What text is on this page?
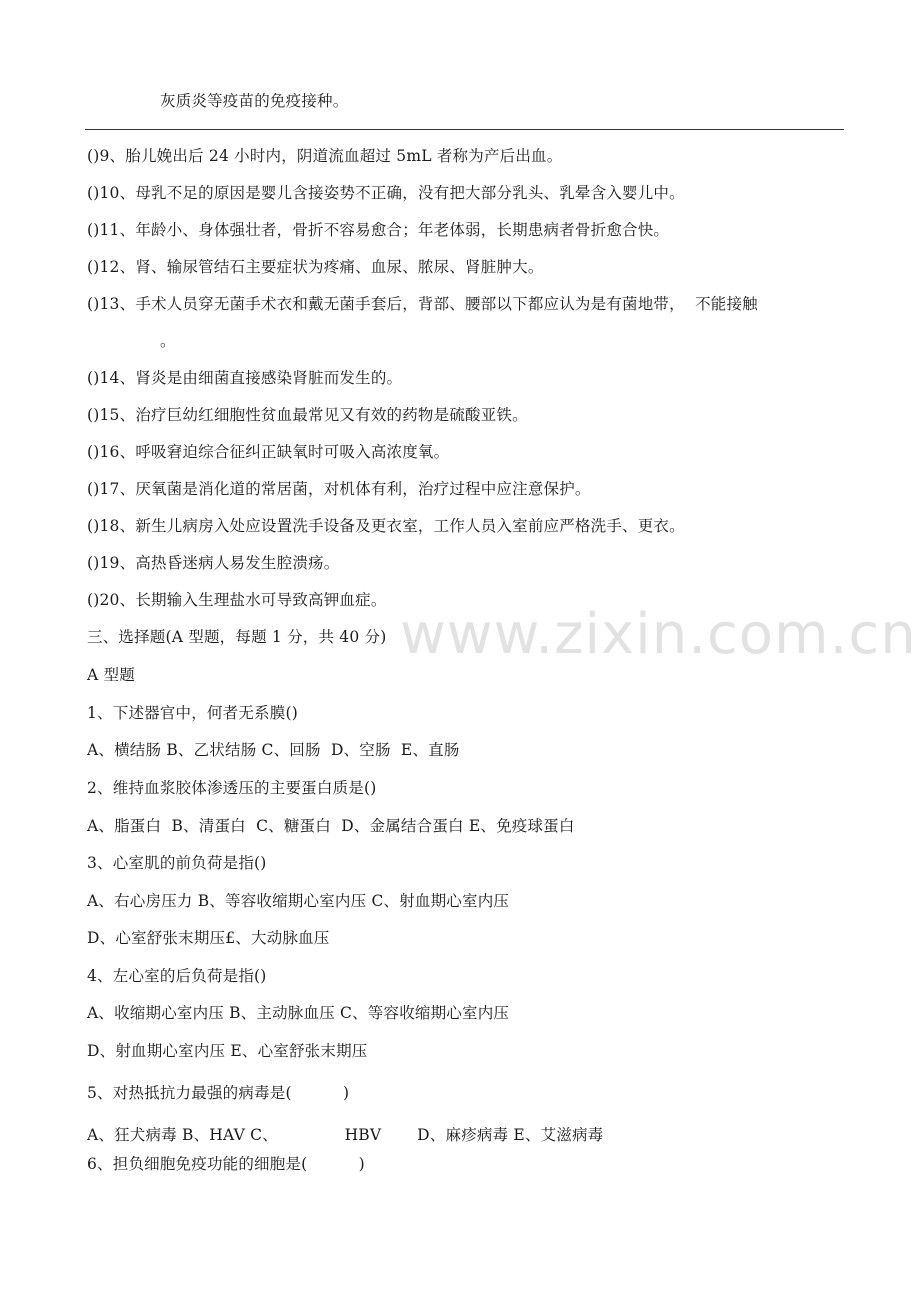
灰质炎等疫苗的免疫接种。
()9、胎儿娩出后 24 小时内，阴道流血超过 5mL 者称为产后出血。
()10、母乳不足的原因是婴儿含接姿势不正确，没有把大部分乳头、乳晕含入婴儿中。
()11、年龄小、身体强壮者，骨折不容易愈合；年老体弱，长期患病者骨折愈合快。
()12、肾、输尿管结石主要症状为疼痛、血尿、脓尿、肾脏肿大。
()13、手术人员穿无菌手术衣和戴无菌手套后，背部、腰部以下都应认为是有菌地带，  不能接触
。
()14、肾炎是由细菌直接感染肾脏而发生的。
()15、治疗巨幼红细胞性贫血最常见又有效的药物是硫酸亚铁。
()16、呼吸窘迫综合征纠正缺氧时可吸入高浓度氧。
()17、厌氧菌是消化道的常居菌，对机体有利，治疗过程中应注意保护。
()18、新生儿病房入处应设置洗手设备及更衣室，工作人员入室前应严格洗手、更衣。
()19、高热昏迷病人易发生腔溃疡。
()20、长期输入生理盐水可导致高钾血症。
三、选择题(A 型题，每题 1 分，共 40 分)
A 型题
1、下述器官中，何者无系膜()
A、横结肠 B、乙状结肠 C、回肠  D、空肠  E、直肠
2、维持血浆胶体渗透压的主要蛋白质是()
A、脂蛋白  B、清蛋白  C、糖蛋白  D、金属结合蛋白 E、免疫球蛋白
3、心室肌的前负荷是指()
A、右心房压力 B、等容收缩期心室内压 C、射血期心室内压
D、心室舒张末期压£、大动脉血压
4、左心室的后负荷是指()
A、收缩期心室内压 B、主动脉血压 C、等容收缩期心室内压
D、射血期心室内压 E、心室舒张末期压
5、对热抵抗力最强的病毒是(          )
A、狂犬病毒 B、HAV C、             HBV       D、麻疹病毒 E、艾滋病毒
6、担负细胞免疫功能的细胞是(          )
www.zixin.com.cn
